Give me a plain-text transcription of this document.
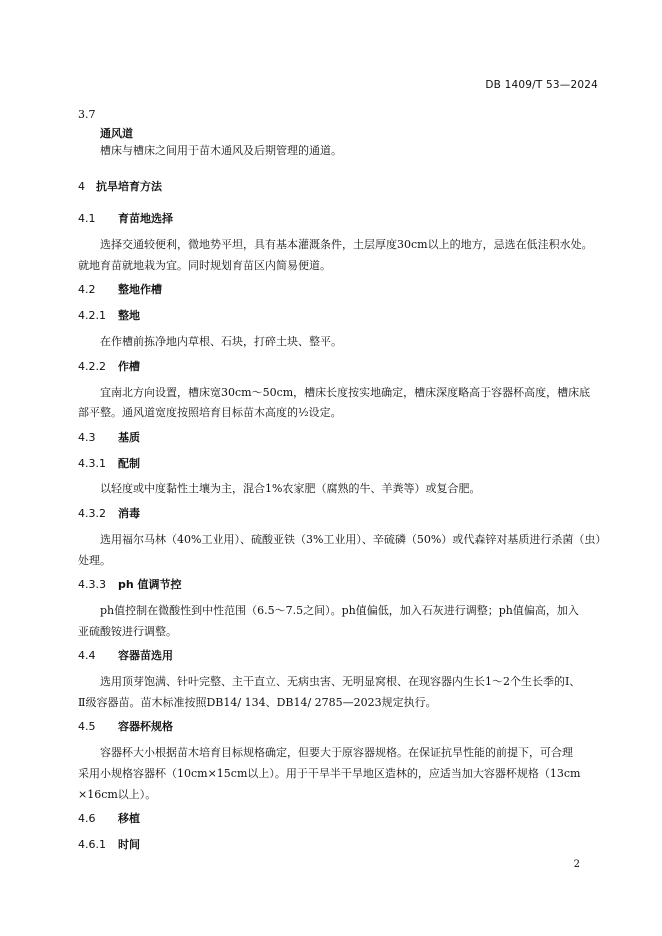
DB 1409/T 53—2024
3.7
通风道
槽床与槽床之间用于苗木通风及后期管理的通道。
4 抗旱培育方法
4.1 育苗地选择
选择交通较便利，微地势平坦，具有基本灌溉条件，土层厚度30cm以上的地方，忌选在低洼积水处。
就地育苗就地栽为宜。同时规划育苗区内简易便道。
4.2 整地作槽
4.2.1 整地
在作槽前拣净地内草根、石块，打碎土块、整平。
4.2.2 作槽
宜南北方向设置，槽床宽30cm～50cm，槽床长度按实地确定，槽床深度略高于容器杯高度，槽床底
部平整。通风道宽度按照培育目标苗木高度的½设定。
4.3 基质
4.3.1 配制
以轻度或中度黏性土壤为主，混合1%农家肥（腐熟的牛、羊粪等）或复合肥。
4.3.2 消毒
选用福尔马林（40%工业用）、硫酸亚铁（3%工业用）、辛硫磷（50%）或代森锌对基质进行杀菌（虫）
处理。
4.3.3 ph 值调节控
ph值控制在微酸性到中性范围（6.5～7.5之间）。ph值偏低，加入石灰进行调整；ph值偏高，加入
亚硫酸铵进行调整。
4.4 容器苗选用
选用顶芽饱满、针叶完整、主干直立、无病虫害、无明显窝根、在现容器内生长1～2个生长季的Ⅰ、
Ⅱ级容器苗。苗木标准按照DB14/ 134、DB14/ 2785—2023规定执行。
4.5 容器杯规格
容器杯大小根据苗木培育目标规格确定，但要大于原容器规格。在保证抗旱性能的前提下，可合理
采用小规格容器杯（10cm×15cm以上）。用于干旱半干旱地区造林的，应适当加大容器杯规格（13cm
×16cm以上）。
4.6 移植
4.6.1 时间
2
